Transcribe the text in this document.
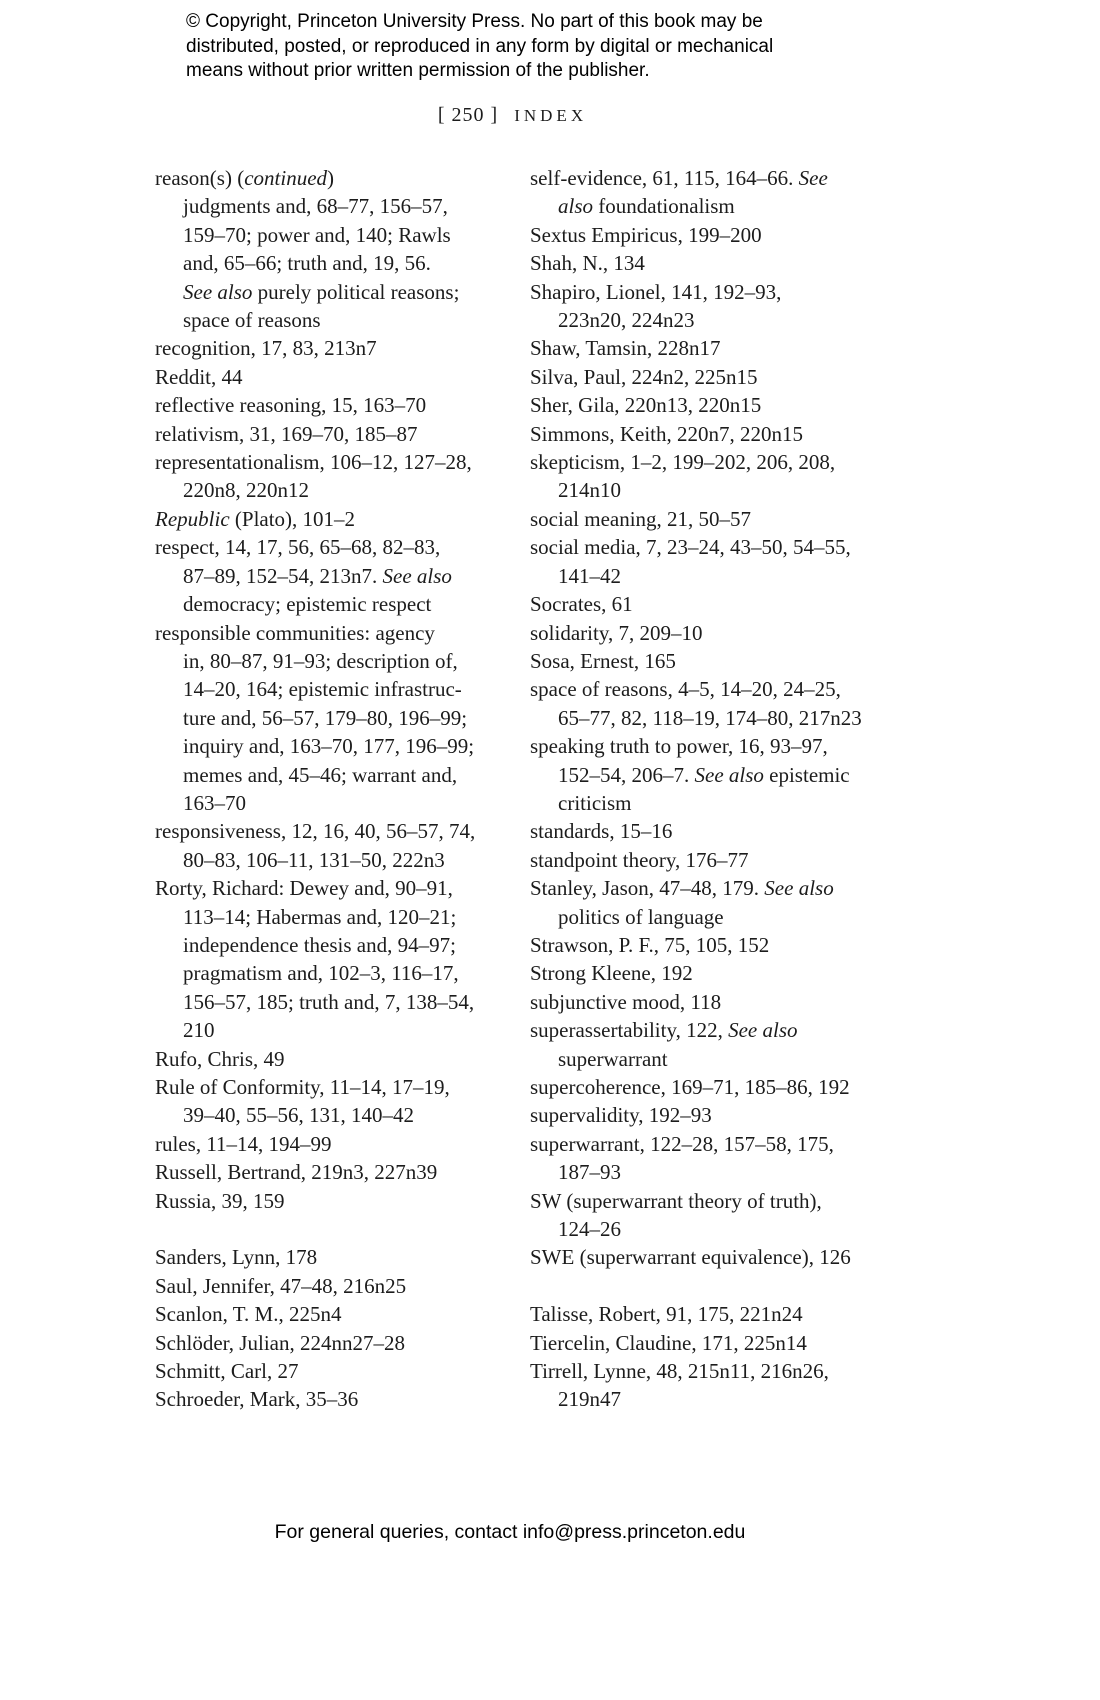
© Copyright, Princeton University Press. No part of this book may be
distributed, posted, or reproduced in any form by digital or mechanical
means without prior written permission of the publisher.
[ 250 ] INDEX
reason(s) (continued)
judgments and, 68–77, 156–57,
159–70; power and, 140; Rawls
and, 65–66; truth and, 19, 56.
See also purely political reasons;
space of reasons
recognition, 17, 83, 213n7
Reddit, 44
reflective reasoning, 15, 163–70
relativism, 31, 169–70, 185–87
representationalism, 106–12, 127–28,
220n8, 220n12
Republic (Plato), 101–2
respect, 14, 17, 56, 65–68, 82–83,
87–89, 152–54, 213n7. See also
democracy; epistemic respect
responsible communities: agency
in, 80–87, 91–93; description of,
14–20, 164; epistemic infrastruc-
ture and, 56–57, 179–80, 196–99;
inquiry and, 163–70, 177, 196–99;
memes and, 45–46; warrant and,
163–70
responsiveness, 12, 16, 40, 56–57, 74,
80–83, 106–11, 131–50, 222n3
Rorty, Richard: Dewey and, 90–91,
113–14; Habermas and, 120–21;
independence thesis and, 94–97;
pragmatism and, 102–3, 116–17,
156–57, 185; truth and, 7, 138–54,
210
Rufo, Chris, 49
Rule of Conformity, 11–14, 17–19,
39–40, 55–56, 131, 140–42
rules, 11–14, 194–99
Russell, Bertrand, 219n3, 227n39
Russia, 39, 159
Sanders, Lynn, 178
Saul, Jennifer, 47–48, 216n25
Scanlon, T. M., 225n4
Schlöder, Julian, 224nn27–28
Schmitt, Carl, 27
Schroeder, Mark, 35–36
self-evidence, 61, 115, 164–66. See
also foundationalism
Sextus Empiricus, 199–200
Shah, N., 134
Shapiro, Lionel, 141, 192–93,
223n20, 224n23
Shaw, Tamsin, 228n17
Silva, Paul, 224n2, 225n15
Sher, Gila, 220n13, 220n15
Simmons, Keith, 220n7, 220n15
skepticism, 1–2, 199–202, 206, 208,
214n10
social meaning, 21, 50–57
social media, 7, 23–24, 43–50, 54–55,
141–42
Socrates, 61
solidarity, 7, 209–10
Sosa, Ernest, 165
space of reasons, 4–5, 14–20, 24–25,
65–77, 82, 118–19, 174–80, 217n23
speaking truth to power, 16, 93–97,
152–54, 206–7. See also epistemic
criticism
standards, 15–16
standpoint theory, 176–77
Stanley, Jason, 47–48, 179. See also
politics of language
Strawson, P. F., 75, 105, 152
Strong Kleene, 192
subjunctive mood, 118
superassertability, 122, See also
superwarrant
supercoherence, 169–71, 185–86, 192
supervalidity, 192–93
superwarrant, 122–28, 157–58, 175,
187–93
SW (superwarrant theory of truth),
124–26
SWE (superwarrant equivalence), 126
Talisse, Robert, 91, 175, 221n24
Tiercelin, Claudine, 171, 225n14
Tirrell, Lynne, 48, 215n11, 216n26,
219n47
For general queries, contact info@press.princeton.edu
